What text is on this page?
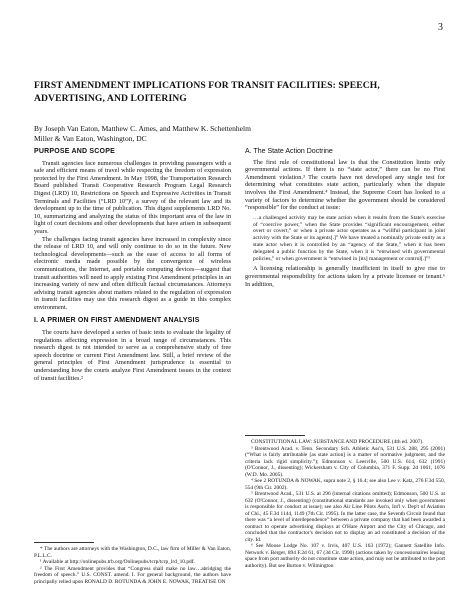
3
FIRST AMENDMENT IMPLICATIONS FOR TRANSIT FACILITIES: SPEECH, ADVERTISING, AND LOITERING
By Joseph Van Eaton, Matthew C. Ames, and Matthew K. Schettenhelm
Miller & Van Eaton, Washington, DC
PURPOSE AND SCOPE

Transit agencies face numerous challenges in providing passengers with a safe and efficient means of travel while respecting the freedom of expression protected by the First Amendment. In May 1998, the Transportation Research Board published Transit Cooperative Research Program Legal Research Digest (LRD) 10, Restrictions on Speech and Expressive Activities in Transit Terminals and Facilities (“LRD 10”)¹, a survey of the relevant law and its development up to the time of publication. This digest supplements LRD No. 10, summarizing and analyzing the status of this important area of the law in light of court decisions and other developments that have arisen in subsequent years.

The challenges facing transit agencies have increased in complexity since the release of LRD 10, and will only continue to do so in the future. New technological developments—such as the ease of access to all forms of electronic media made possible by the convergence of wireless communications, the Internet, and portable computing devices—suggest that transit authorities will need to apply existing First Amendment principles in an increasing variety of new and often difficult factual circumstances. Attorneys advising transit agencies about matters related to the regulation of expression in transit facilities may use this research digest as a guide in this complex environment.

I. A PRIMER ON FIRST AMENDMENT ANALYSIS

The courts have developed a series of basic tests to evaluate the legality of regulations affecting expression in a broad range of circumstances. This research digest is not intended to serve as a comprehensive study of free speech doctrine or current First Amendment law. Still, a brief review of the general principles of First Amendment jurisprudence is essential to understanding how the courts analyze First Amendment issues in the context of transit facilities.²

* The authors are attorneys with the Washington, D.C., law firm of Miller & Van Eaton, P.L.L.C.

¹ Available at http://onlinepubs.trb.org/Onlinepubs/tcrp/tcrp_lrd_10.pdf.

² The First Amendment provides that “Congress shall make no law…abridging the freedom of speech.” U.S. CONST. amend. I. For general background, the authors have principally relied upon RONALD D. ROTUNDA & JOHN E. NOWAK, TREATISE ON

A. The State Action Doctrine

The first rule of constitutional law is that the Constitution limits only governmental actions. If there is no “state actor,” there can be no First Amendment violation.³ The courts have not developed any single test for determining what constitutes state action, particularly when the dispute involves the First Amendment.⁴ Instead, the Supreme Court has looked to a variety of factors to determine whether the government should be considered “responsible” for the conduct at issue:

…a challenged activity may be state action when it results from the State's exercise of “coercive power,” when the State provides “significant encouragement, either overt or covert,” or when a private actor operates as a “willful participant in joint activity with the State or its agents[.]” We have treated a nominally private entity as a state actor when it is controlled by an “agency of the State,” when it has been delegated a public function by the State, when it is “entwined with governmental policies,” or when government is “entwined in [its] management or control[.]”⁵

A licensing relationship is generally insufficient in itself to give rise to governmental responsibility for actions taken by a private licensee or tenant.⁶ In addition,

CONSTITUTIONAL LAW: SUBSTANCE AND PROCEDURE (4th ed. 2007).

³ Brentwood Acad. v. Tenn. Secondary Sch. Athletic Ass'n, 531 U.S. 288, 295 (2001) (“What is fairly attributable [as state action] is a matter of normative judgment, and the criteria lack rigid simplicity.”); Edmonson v. Leesville, 500 U.S. 614, 632 (1991) (O'Connor, J., dissenting); Wickersham v. City of Columbia, 371 F. Supp. 2d 1061, 1076 (W.D. Mo. 2005).

⁴ See 2 ROTUNDA & NOWAK, supra note 2, § 16.4; see also Lee v. Katz, 276 F.3d 550, 554 (9th Cir. 2002).

⁵ Brentwood Acad., 531 U.S. at 296 (internal citations omitted); Edmonson, 500 U.S. at 632 (O'Connor, J., dissenting) (constitutional standards are invoked only when government is responsible for conduct at issue); see also Air Line Pilots Ass'n, Int'l v. Dep't of Aviation of Chi., 45 F.3d 1144, 1149 (7th Cir. 1995). In the latter case, the Seventh Circuit found that there was “a level of interdependence” between a private company that had been awarded a contract to operate advertising displays at O'Hare Airport and the City of Chicago, and concluded that the contractor's decision not to display an ad constituted a decision of the city. Id.

⁶ See Moose Lodge No. 107 v. Irvis, 407 U.S. 163 (1972); Gannett Satellite Info. Network v. Berger, 894 F.2d 61, 67 (3d Cir. 1990) (actions taken by concessionaires leasing space from port authority do not constitute state action, and may not be attributed to the port authority). But see Burton v. Wilmington
